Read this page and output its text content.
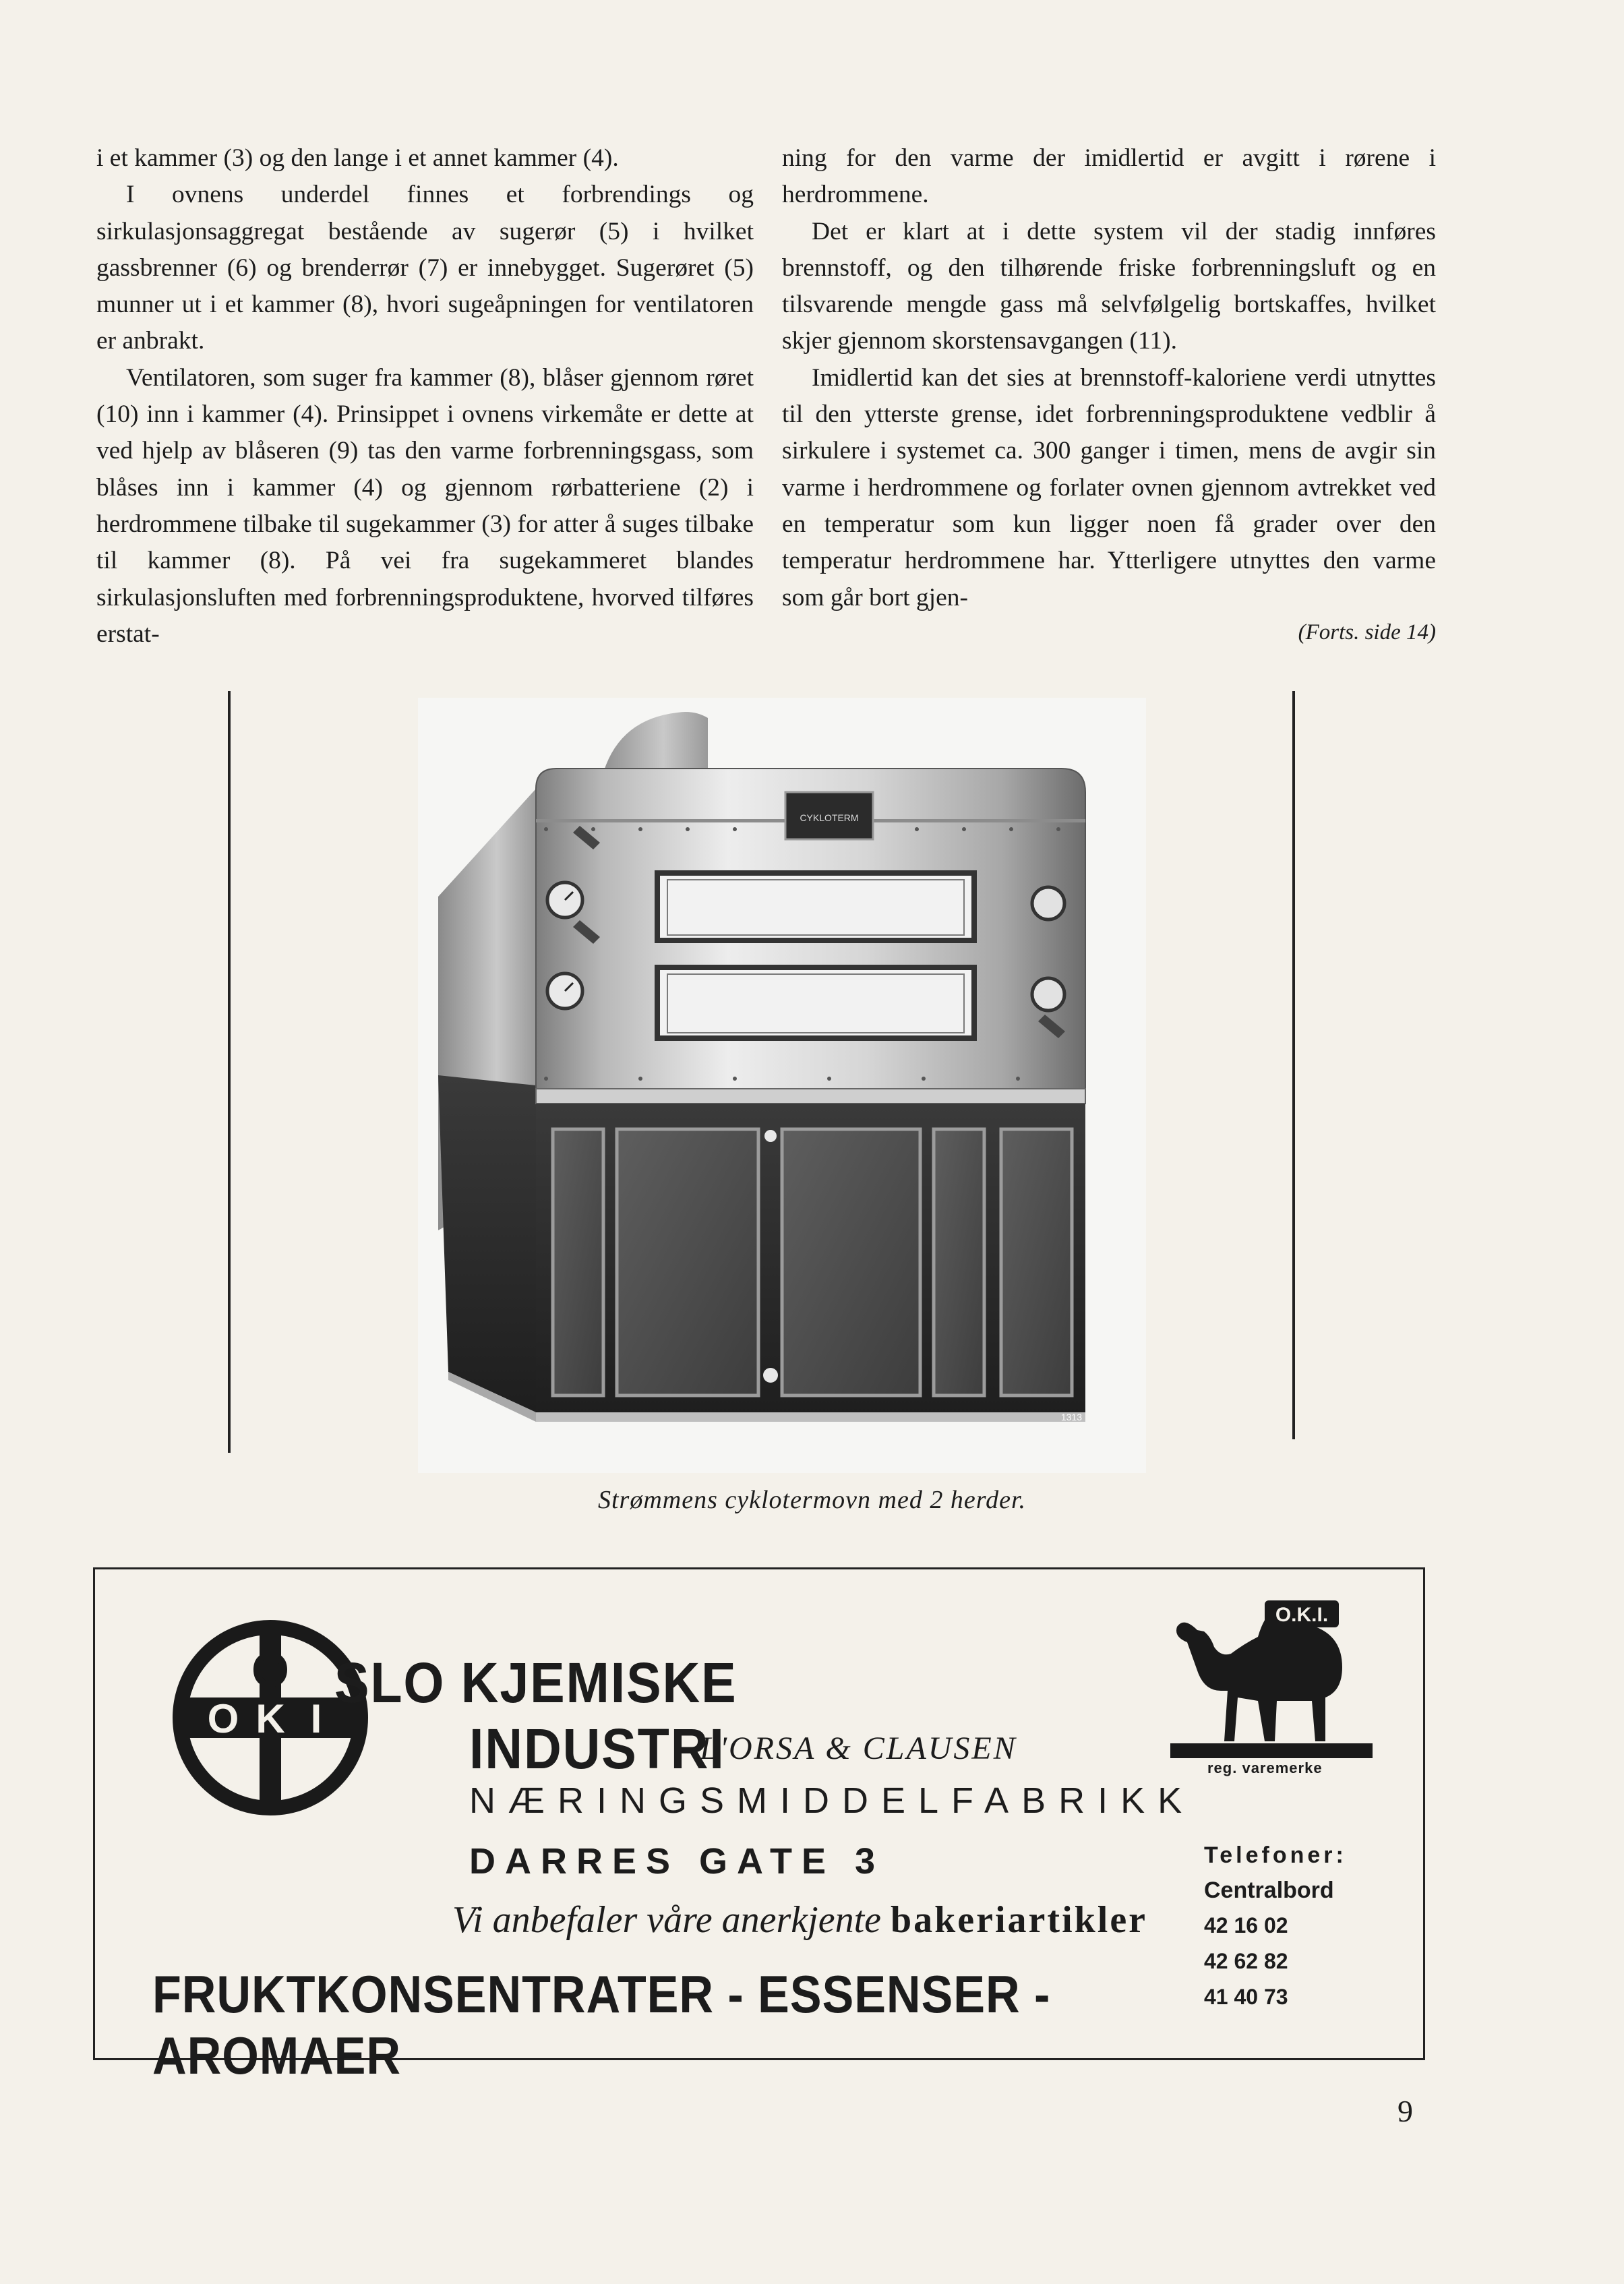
i et kammer (3) og den lange i et annet kammer (4).

I ovnens underdel finnes et forbrendings og sirkulasjonsaggregat bestående av sugerør (5) i hvilket gassbrenner (6) og brenderrør (7) er innebygget. Sugerøret (5) munner ut i et kammer (8), hvori sugeåpningen for ventilatoren er anbrakt.

Ventilatoren, som suger fra kammer (8), blåser gjennom røret (10) inn i kammer (4). Prinsippet i ovnens virkemåte er dette at ved hjelp av blåseren (9) tas den varme forbrenningsgass, som blåses inn i kammer (4) og gjennom rørbatteriene (2) i herdrommene tilbake til sugekammer (3) for atter å suges tilbake til kammer (8). På vei fra sugekammeret blandes sirkulasjonsluften med forbrenningsproduktene, hvorved tilføres erstat-

ning for den varme der imidlertid er avgitt i rørene i herdrommene.

Det er klart at i dette system vil der stadig innføres brennstoff, og den tilhørende friske forbrenningsluft og en tilsvarende mengde gass må selvfølgelig bortskaffes, hvilket skjer gjennom skorstensavgangen (11).

Imidlertid kan det sies at brennstoff-kaloriene verdi utnyttes til den ytterste grense, idet forbrenningsproduktene vedblir å sirkulere i systemet ca. 300 ganger i timen, mens de avgir sin varme i herdrommene og forlater ovnen gjennom avtrekket ved en temperatur som kun ligger noen få grader over den temperatur herdrommene har. Ytterligere utnyttes den varme som går bort gjen-

(Forts. side 14)
CYKLOTERM
1313
Strømmens cyklotermovn med 2 herder.
O
O K I
I
SLO KJEMISKE
INDUSTRI
L'ORSA & CLAUSEN
NÆRINGSMIDDELFABRIKK
DARRES GATE 3
Vi anbefaler våre anerkjente bakeriartikler
FRUKTKONSENTRATER - ESSENSER - AROMAER
O.K.I.
reg. varemerke
Telefoner:
Centralbord
42 16 02
42 62 82
41 40 73
9
